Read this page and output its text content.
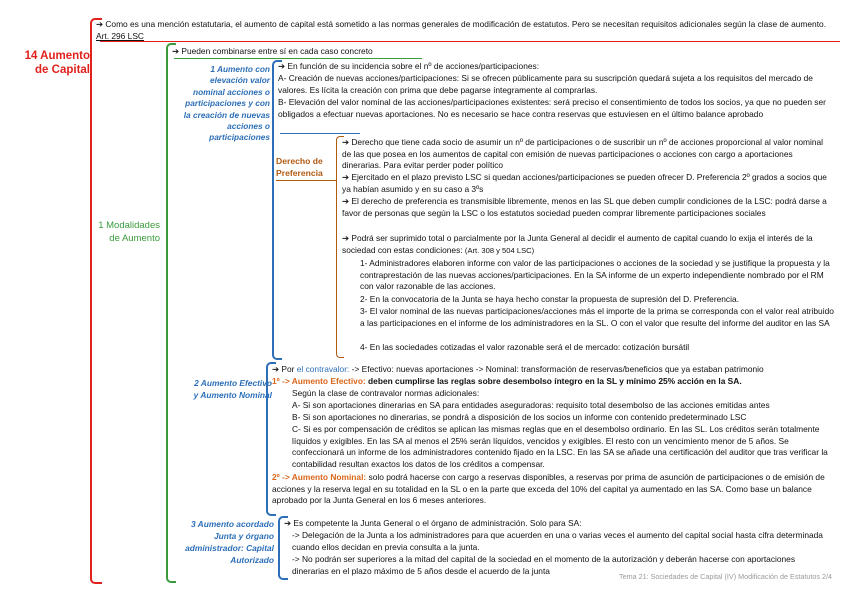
14 Aumento
de Capital
➔ Como es una mención estatutaria, el aumento de capital está sometido a las normas generales de modificación de estatutos. Pero se necesitan requisitos adicionales según la clase de aumento. Art. 296 LSC
1 Modalidades
de Aumento
➔ Pueden combinarse entre sí en cada caso concreto
1 Aumento con
elevación valor
nominal acciones o
participaciones y con
la creación de nuevas
acciones o
participaciones
➔ En función de su incidencia sobre el nº de acciones/participaciones:
A- Creación de nuevas acciones/participaciones: Si se ofrecen públicamente para su suscripción quedará sujeta a los requisitos del mercado de valores. Es lícita la creación con prima que debe pagarse íntegramente al comprarlas.
B- Elevación del valor nominal de las acciones/participaciones existentes: será preciso el consentimiento de todos los socios, ya que no pueden ser obligados a efectuar nuevas aportaciones. No es necesario se hace contra reservas que estuviesen en el último balance aprobado
Derecho de
Preferencia
➔ Derecho que tiene cada socio de asumir un nº de participaciones o de suscribir un nº de acciones proporcional al valor nominal de las que posea en los aumentos de capital con emisión de nuevas participaciones o acciones con cargo a aportaciones dinerarias. Para evitar perder poder político
➔ Ejercitado en el plazo previsto LSC si quedan acciones/participaciones se pueden ofrecer D. Preferencia 2º grados a socios que ya habían asumido y en su caso a 3ºs
➔ El derecho de preferencia es transmisible libremente, menos en las SL que deben cumplir condiciones de la LSC: podrá darse a favor de personas que según la LSC o los estatutos sociedad pueden comprar libremente participaciones sociales
➔ Podrá ser suprimido total o parcialmente por la Junta General al decidir el aumento de capital cuando lo exija el interés de la sociedad con estas condiciones: (Art. 308 y 504 LSC)
1- Administradores elaboren informe con valor de las participaciones o acciones de la sociedad y se justifique la propuesta y la contraprestación de las nuevas acciones/participaciones. En la SA informe de un experto independiente nombrado por el RM con valor razonable de las acciones.
2- En la convocatoria de la Junta se haya hecho constar la propuesta de supresión del D. Preferencia.
3- El valor nominal de las nuevas participaciones/acciones más el importe de la prima se corresponda con el valor real atribuido a las participaciones en el informe de los administradores en la SL. O con el valor que resulte del informe del auditor en las SA
4- En las sociedades cotizadas el valor razonable será el de mercado: cotización bursátil
2 Aumento Efectivo
y Aumento Nominal
➔ Por el contravalor: -> Efectivo: nuevas aportaciones -> Nominal: transformación de reservas/beneficios que ya estaban patrimonio
1º -> Aumento Efectivo: deben cumplirse las reglas sobre desembolso íntegro en la SL y mínimo 25% acción en la SA.
Según la clase de contravalor normas adicionales:
A- Si son aportaciones dinerarias en SA para entidades aseguradoras: requisito total desembolso de las acciones emitidas antes
B- Si son aportaciones no dinerarias, se pondrá a disposición de los socios un informe con contenido predeterminado LSC
C- Si es por compensación de créditos se aplican las mismas reglas que en el desembolso ordinario. En las SL. Los créditos serán totalmente líquidos y exigibles. En las SA al menos el 25% serán líquidos, vencidos y exigibles. El resto con un vencimiento menor de 5 años. Se confeccionará un informe de los administradores contenido fijado en la LSC. En las SA se añade una certificación del auditor que tras verificar la contabilidad resultan exactos los datos de los créditos a compensar.
2º -> Aumento Nominal: solo podrá hacerse con cargo a reservas disponibles, a reservas por prima de asunción de participaciones o de emisión de acciones y la reserva legal en su totalidad en la SL o en la parte que exceda del 10% del capital ya aumentado en las SA. Como base un balance aprobado por la Junta General en los 6 meses anteriores.
3 Aumento acordado
Junta y órgano
administrador: Capital
Autorizado
➔ Es competente la Junta General o el órgano de administración. Solo para SA:
-> Delegación de la Junta a los administradores para que acuerden en una o varias veces el aumento del capital social hasta cifra determinada cuando ellos decidan en previa consulta a la junta.
-> No podrán ser superiores a la mitad del capital de la sociedad en el momento de la autorización y deberán hacerse con aportaciones dinerarias en el plazo máximo de 5 años desde el acuerdo de la junta
Tema 21: Sociedades de Capital (IV) Modificación de Estatutos 2/4
